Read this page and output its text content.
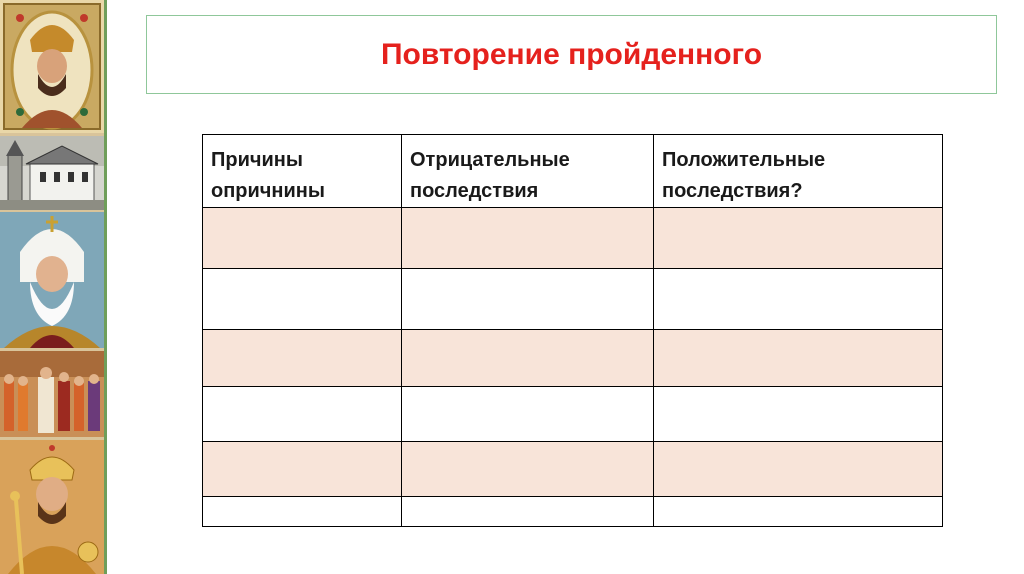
Повторение пройденного
Причины опричнины	Отрицательные последствия	Положительные последствия?
